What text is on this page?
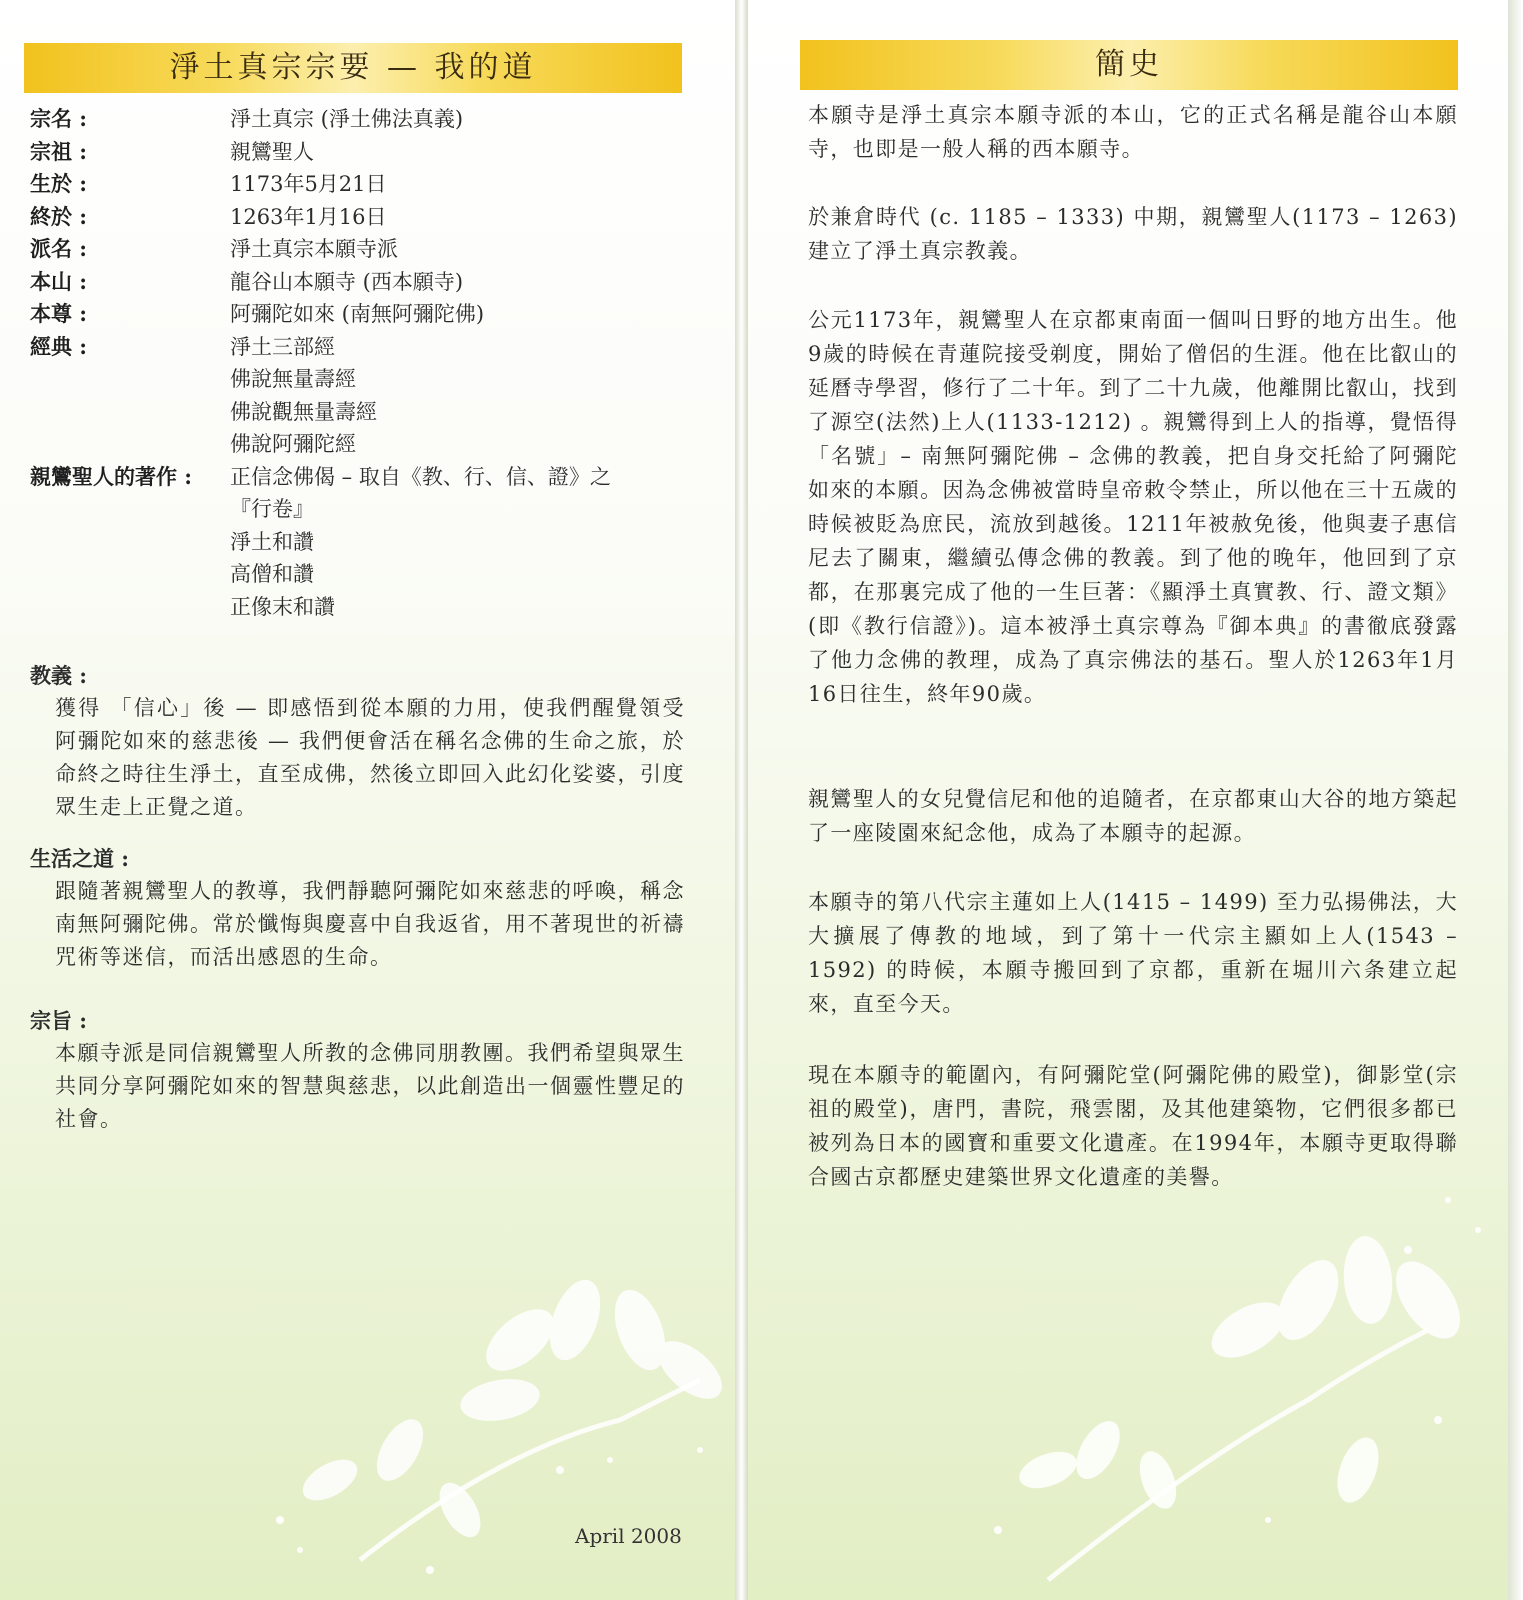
淨土真宗宗要 — 我的道
宗名 :	淨土真宗 (淨土佛法真義)
宗祖 :	親鸞聖人
生於 :	1173年5月21日
終於 :	1263年1月16日
派名 :	淨土真宗本願寺派
本山 :	龍谷山本願寺 (西本願寺)
本尊 :	阿彌陀如來 (南無阿彌陀佛)
經典 :	淨土三部經
佛說無量壽經
佛說觀無量壽經
佛說阿彌陀經
親鸞聖人的著作 :	正信念佛偈 – 取自《教、行、信、證》之
『行卷』
淨土和讚
高僧和讚
正像末和讚
教義 :

獲得 「信心」後 — 即感悟到從本願的力用，使我們醒覺領受阿彌陀如來的慈悲後 — 我們便會活在稱名念佛的生命之旅，於命終之時往生淨土，直至成佛，然後立即回入此幻化娑婆，引度眾生走上正覺之道。

生活之道 :

跟隨著親鸞聖人的教導，我們靜聽阿彌陀如來慈悲的呼喚，稱念南無阿彌陀佛。常於懺悔與慶喜中自我返省，用不著現世的祈禱咒術等迷信，而活出感恩的生命。

宗旨 :

本願寺派是同信親鸞聖人所教的念佛同朋教團。我們希望與眾生共同分享阿彌陀如來的智慧與慈悲，以此創造出一個靈性豐足的社會。

April 2008
簡史
本願寺是淨土真宗本願寺派的本山，它的正式名稱是龍谷山本願寺，也即是一般人稱的西本願寺。
於兼倉時代 (c. 1185 – 1333) 中期，親鸞聖人(1173 – 1263)建立了淨土真宗教義。
公元1173年，親鸞聖人在京都東南面一個叫日野的地方出生。他9歲的時候在青蓮院接受剃度，開始了僧侶的生涯。他在比叡山的延曆寺學習，修行了二十年。到了二十九歲，他離開比叡山，找到了源空(法然)上人(1133-1212) 。親鸞得到上人的指導，覺悟得「名號」– 南無阿彌陀佛 – 念佛的教義，把自身交托給了阿彌陀如來的本願。因為念佛被當時皇帝敕令禁止，所以他在三十五歲的時候被貶為庶民，流放到越後。1211年被赦免後，他與妻子惠信尼去了關東，繼續弘傳念佛的教義。到了他的晚年，他回到了京都，在那裏完成了他的一生巨著：《顯淨土真實教、行、證文類》(即《教行信證》)。這本被淨土真宗尊為『御本典』的書徹底發露了他力念佛的教理，成為了真宗佛法的基石。聖人於1263年1月16日往生，終年90歲。
親鸞聖人的女兒覺信尼和他的追隨者，在京都東山大谷的地方築起了一座陵園來紀念他，成為了本願寺的起源。
本願寺的第八代宗主蓮如上人(1415 – 1499) 至力弘揚佛法，大大擴展了傳教的地域，到了第十一代宗主顯如上人(1543 – 1592) 的時候，本願寺搬回到了京都，重新在堀川六条建立起來，直至今天。
現在本願寺的範圍內，有阿彌陀堂(阿彌陀佛的殿堂)，御影堂(宗祖的殿堂)，唐門，書院，飛雲閣，及其他建築物，它們很多都已被列為日本的國寶和重要文化遺產。在1994年，本願寺更取得聯合國古京都歷史建築世界文化遺產的美譽。
